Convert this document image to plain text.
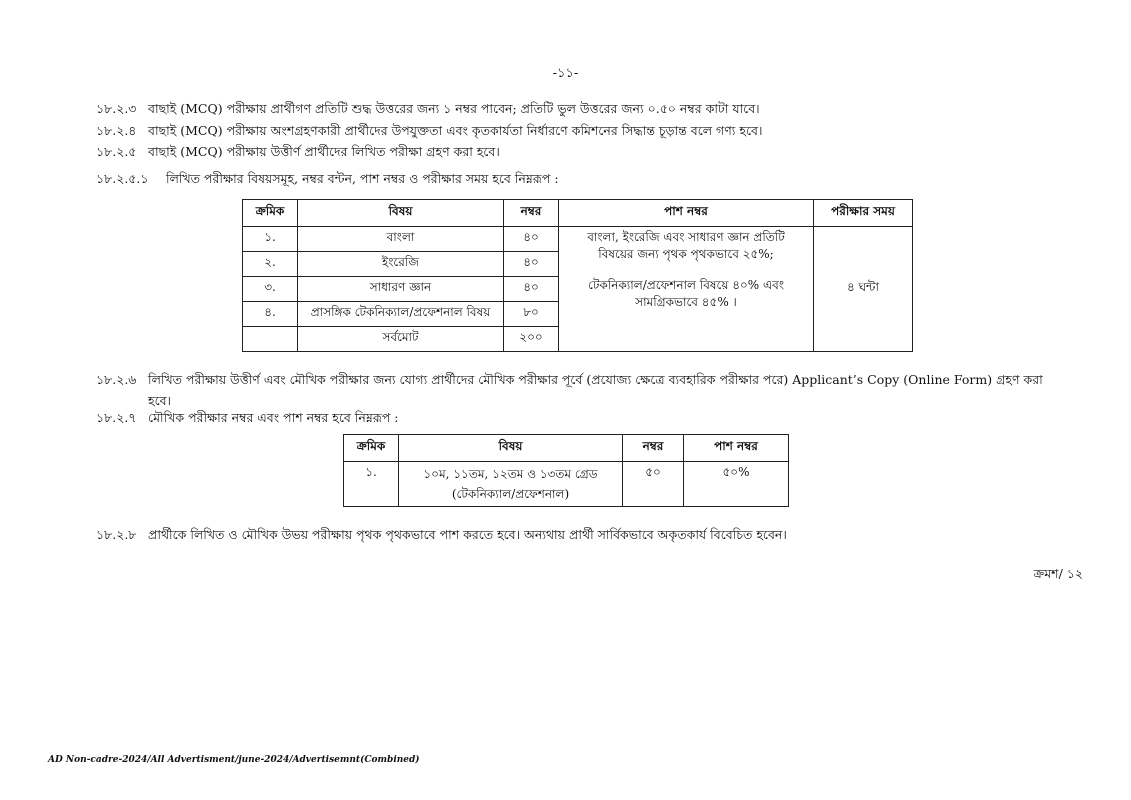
-১১-
১৮.২.৩ বাছাই (MCQ) পরীক্ষায় প্রার্থীগণ প্রতিটি শুদ্ধ উত্তরের জন্য ১ নম্বর পাবেন; প্রতিটি ভুল উত্তরের জন্য ০.৫০ নম্বর কাটা যাবে।
১৮.২.৪ বাছাই (MCQ) পরীক্ষায় অংশগ্রহণকারী প্রার্থীদের উপযুক্ততা এবং কৃতকার্যতা নির্ধারণে কমিশনের সিদ্ধান্ত চূড়ান্ত বলে গণ্য হবে।
১৮.২.৫ বাছাই (MCQ) পরীক্ষায় উত্তীর্ণ প্রার্থীদের লিখিত পরীক্ষা গ্রহণ করা হবে।
১৮.২.৫.১ লিখিত পরীক্ষার বিষয়সমূহ, নম্বর বন্টন, পাশ নম্বর ও পরীক্ষার সময় হবে নিম্নরূপ :
ক্রমিক	বিষয়	নম্বর	পাশ নম্বর	পরীক্ষার সময়
১.	বাংলা	৪০	বাংলা, ইংরেজি এবং সাধারণ জ্ঞান প্রতিটি
বিষয়ের জন্য পৃথক পৃথকভাবে ২৫%;
টেকনিক্যাল/প্রফেশনাল বিষয়ে ৪০% এবং
সামগ্রিকভাবে ৪৫% ।	৪ ঘন্টা
২.	ইংরেজি	৪০		
৩.	সাধারণ জ্ঞান	৪০		
৪.	প্রাসঙ্গিক টেকনিক্যাল/প্রফেশনাল বিষয়	৮০		
	সর্বমোট	২০০		
১৮.২.৬ লিখিত পরীক্ষায় উত্তীর্ণ এবং মৌখিক পরীক্ষার জন্য যোগ্য প্রার্থীদের মৌখিক পরীক্ষার পূর্বে (প্রযোজ্য ক্ষেত্রে ব্যবহারিক পরীক্ষার পরে) Applicant’s Copy (Online Form) গ্রহণ করা
হবে।
১৮.২.৭ মৌখিক পরীক্ষার নম্বর এবং পাশ নম্বর হবে নিম্নরূপ :
ক্রমিক	বিষয়	নম্বর	পাশ নম্বর
১.	১০ম, ১১তম, ১২তম ও ১৩তম গ্রেড
(টেকনিক্যাল/প্রফেশনাল)	৫০	৫০%
১৮.২.৮ প্রার্থীকে লিখিত ও মৌখিক উভয় পরীক্ষায় পৃথক পৃথকভাবে পাশ করতে হবে। অন্যথায় প্রার্থী সার্বিকভাবে অকৃতকার্য বিবেচিত হবেন।
ক্রমশ/ ১২
AD Non-cadre-2024/All Advertisment/june-2024/Advertisemnt(Combined)
